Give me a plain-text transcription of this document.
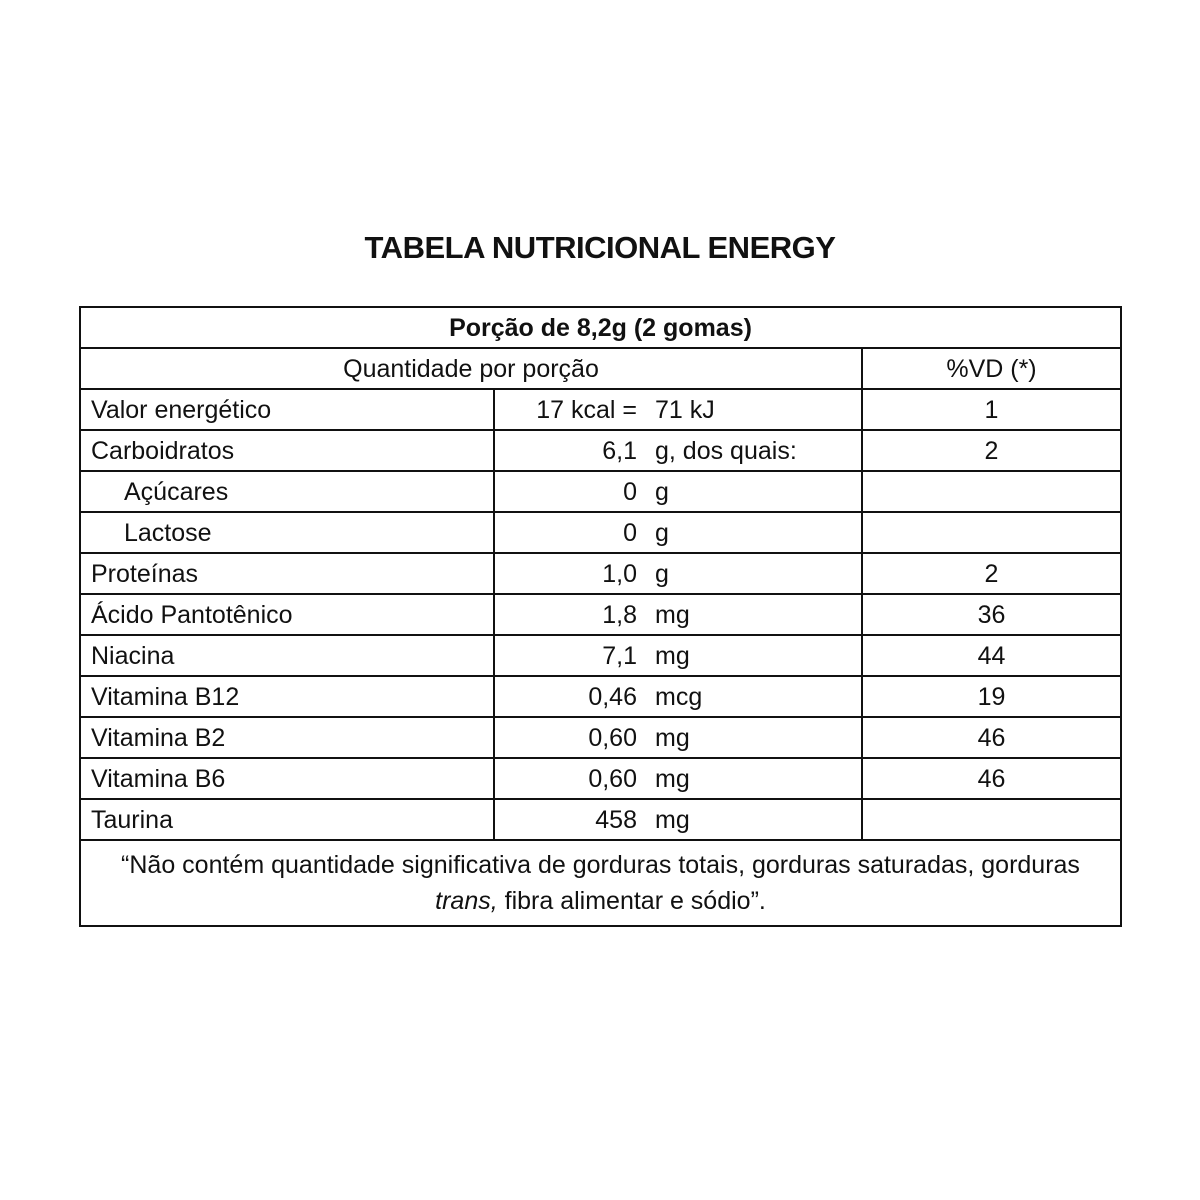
TABELA NUTRICIONAL ENERGY
Porção de 8,2g (2 gomas)		
Quantidade por porção		%VD (*)
Valor energético	17 kcal = 71 kJ	1
Carboidratos	6,1 g, dos quais:	2
Açúcares	0 g	

Lactose	0 g	

Proteínas	1,0 g	2
Ácido Pantotênico	1,8 mg	36
Niacina	7,1 mg	44
Vitamina B12	0,46 mcg	19
Vitamina B2	0,60 mg	46
Vitamina B6	0,60 mg	46
Taurina	458 mg	

“Não contém quantidade significativa de gorduras totais, gorduras saturadas, gorduras trans, fibra alimentar e sódio”.		
